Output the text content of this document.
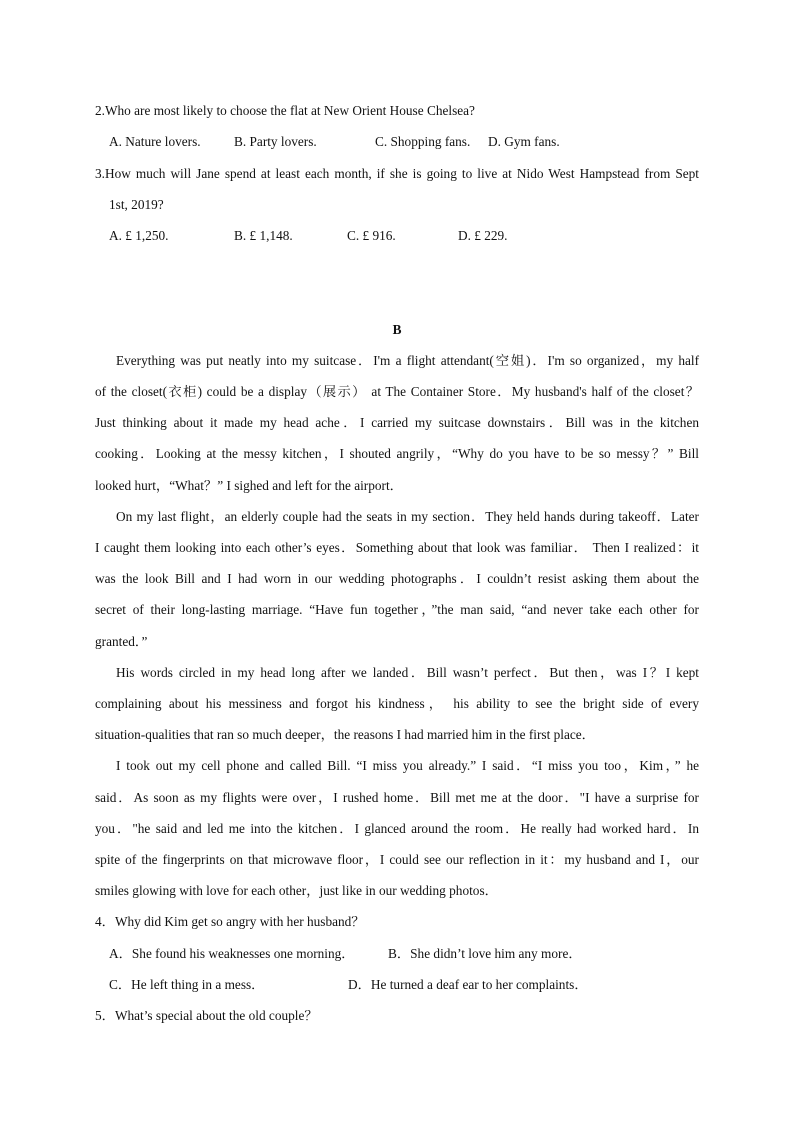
2.Who are most likely to choose the flat at New Orient House Chelsea?
A. Nature lovers.	B. Party lovers.	C. Shopping fans. D. Gym fans.
3.How much will Jane spend at least each month, if she is going to live at Nido West Hampstead from Sept
1st, 2019?
A. £ 1,250.	B. £ 1,148.	C. £ 916.	D. £ 229.
B
Everything was put neatly into my suitcase．I'm a flight attendant(空姐)．I'm so organized，my half
of the closet(衣柜) could be a display（展示） at The Container Store．My husband's half of the closet？
Just thinking about it made my head ache．I carried my suitcase downstairs．Bill was in the kitchen
cooking．Looking at the messy kitchen，I shouted angrily，“Why do you have to be so messy？” Bill
looked hurt，“What？” I sighed and left for the airport．
On my last flight，an elderly couple had the seats in my section．They held hands during takeoff．Later
I caught them looking into each other’s eyes．Something about that look was familiar． Then I realized：it
was the look Bill and I had worn in our wedding photographs．I couldn’t resist asking them about the
secret of their long-lasting marriage. “Have fun together，”the man said, “and never take each other for
granted．”
His words circled in my head long after we landed．Bill wasn’t perfect．But then，was I？I kept
complaining about his messiness and forgot his kindness， his ability to see the bright side of every
situation-qualities that ran so much deeper，the reasons I had married him in the first place．
I took out my cell phone and called Bill. “I miss you already.” I said．“I miss you too，Kim，” he
said．As soon as my flights were over，I rushed home．Bill met me at the door．"I have a surprise for
you．"he said and led me into the kitchen．I glanced around the room．He really had worked hard．In
spite of the fingerprints on that microwave floor，I could see our reflection in it：my husband and I，our
smiles glowing with love for each other，just like in our wedding photos．
4．Why did Kim get so angry with her husband？
A．She found his weaknesses one morning．	B．She didn’t love him any more．
C．He left thing in a mess．	D．He turned a deaf ear to her complaints．
5．What’s special about the old couple？
